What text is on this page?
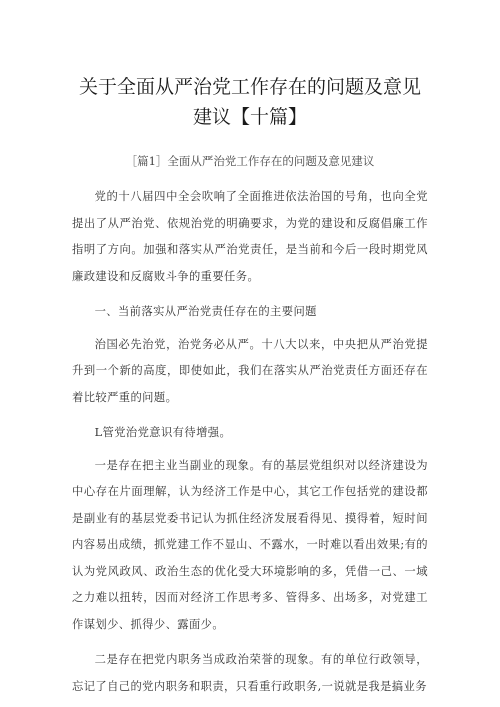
关于全面从严治党工作存在的问题及意见
建议【十篇】
［篇1］全面从严治党工作存在的问题及意见建议

党的十八届四中全会吹响了全面推进依法治国的号角，也向全党提出了从严治党、依规治党的明确要求，为党的建设和反腐倡廉工作指明了方向。加强和落实从严治党责任，是当前和今后一段时期党风廉政建设和反腐败斗争的重要任务。

一、当前落实从严治党责任存在的主要问题

治国必先治党，治党务必从严。十八大以来，中央把从严治党提升到一个新的高度，即使如此，我们在落实从严治党责任方面还存在着比较严重的问题。

L管党治党意识有待增强。

一是存在把主业当副业的现象。有的基层党组织对以经济建设为中心存在片面理解，认为经济工作是中心，其它工作包括党的建设都是副业有的基层党委书记认为抓住经济发展看得见、摸得着，短时间内容易出成绩，抓党建工作不显山、不露水，一时难以看出效果;有的认为党风政风、政治生态的优化受大环境影响的多，凭借一己、一域之力难以扭转，因而对经济工作思考多、管得多、出场多，对党建工作谋划少、抓得少、露面少。

二是存在把党内职务当成政治荣誉的现象。有的单位行政领导，忘记了自己的党内职务和职责，只看重行政职务,一说就是我是搞业务
